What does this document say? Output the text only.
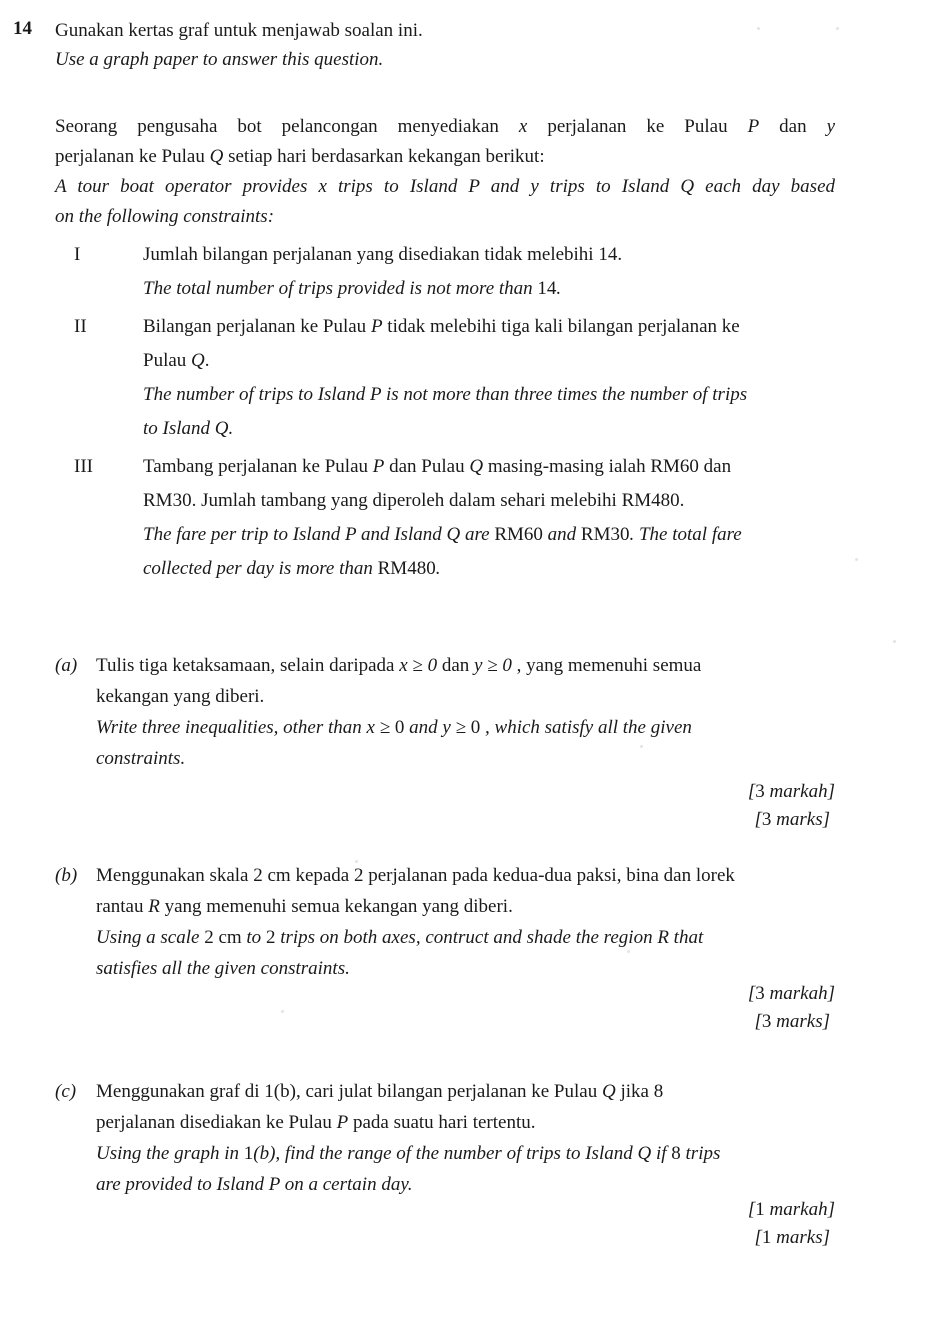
14 Gunakan kertas graf untuk menjawab soalan ini.
Use a graph paper to answer this question.
Seorang pengusaha bot pelancongan menyediakan x perjalanan ke Pulau P dan y
perjalanan ke Pulau Q setiap hari berdasarkan kekangan berikut:
A tour boat operator provides x trips to Island P and y trips to Island Q each day based
on the following constraints:
I	Jumlah bilangan perjalanan yang disediakan tidak melebihi 14.
The total number of trips provided is not more than 14.
II	Bilangan perjalanan ke Pulau P tidak melebihi tiga kali bilangan perjalanan ke
Pulau Q.
The number of trips to Island P is not more than three times the number of trips
to Island Q.
III	Tambang perjalanan ke Pulau P dan Pulau Q masing-masing ialah RM60 dan
RM30. Jumlah tambang yang diperoleh dalam sehari melebihi RM480.
The fare per trip to Island P and Island Q are RM60 and RM30. The total fare
collected per day is more than RM480.
(a) Tulis tiga ketaksamaan, selain daripada x ≥ 0 dan y ≥ 0 , yang memenuhi semua
kekangan yang diberi.
Write three inequalities, other than x ≥ 0 and y ≥ 0 , which satisfy all the given
constraints.
[3 markah]
[3 marks]
(b) Menggunakan skala 2 cm kepada 2 perjalanan pada kedua-dua paksi, bina dan lorek
rantau R yang memenuhi semua kekangan yang diberi.
Using a scale 2 cm to 2 trips on both axes, contruct and shade the region R that
satisfies all the given constraints.
[3 markah]
[3 marks]
(c)	Menggunakan graf di 1(b), cari julat bilangan perjalanan ke Pulau Q jika 8
perjalanan disediakan ke Pulau P pada suatu hari tertentu.
Using the graph in 1(b), find the range of the number of trips to Island Q if 8 trips
are provided to Island P on a certain day.
[1 markah]
[1 marks]
